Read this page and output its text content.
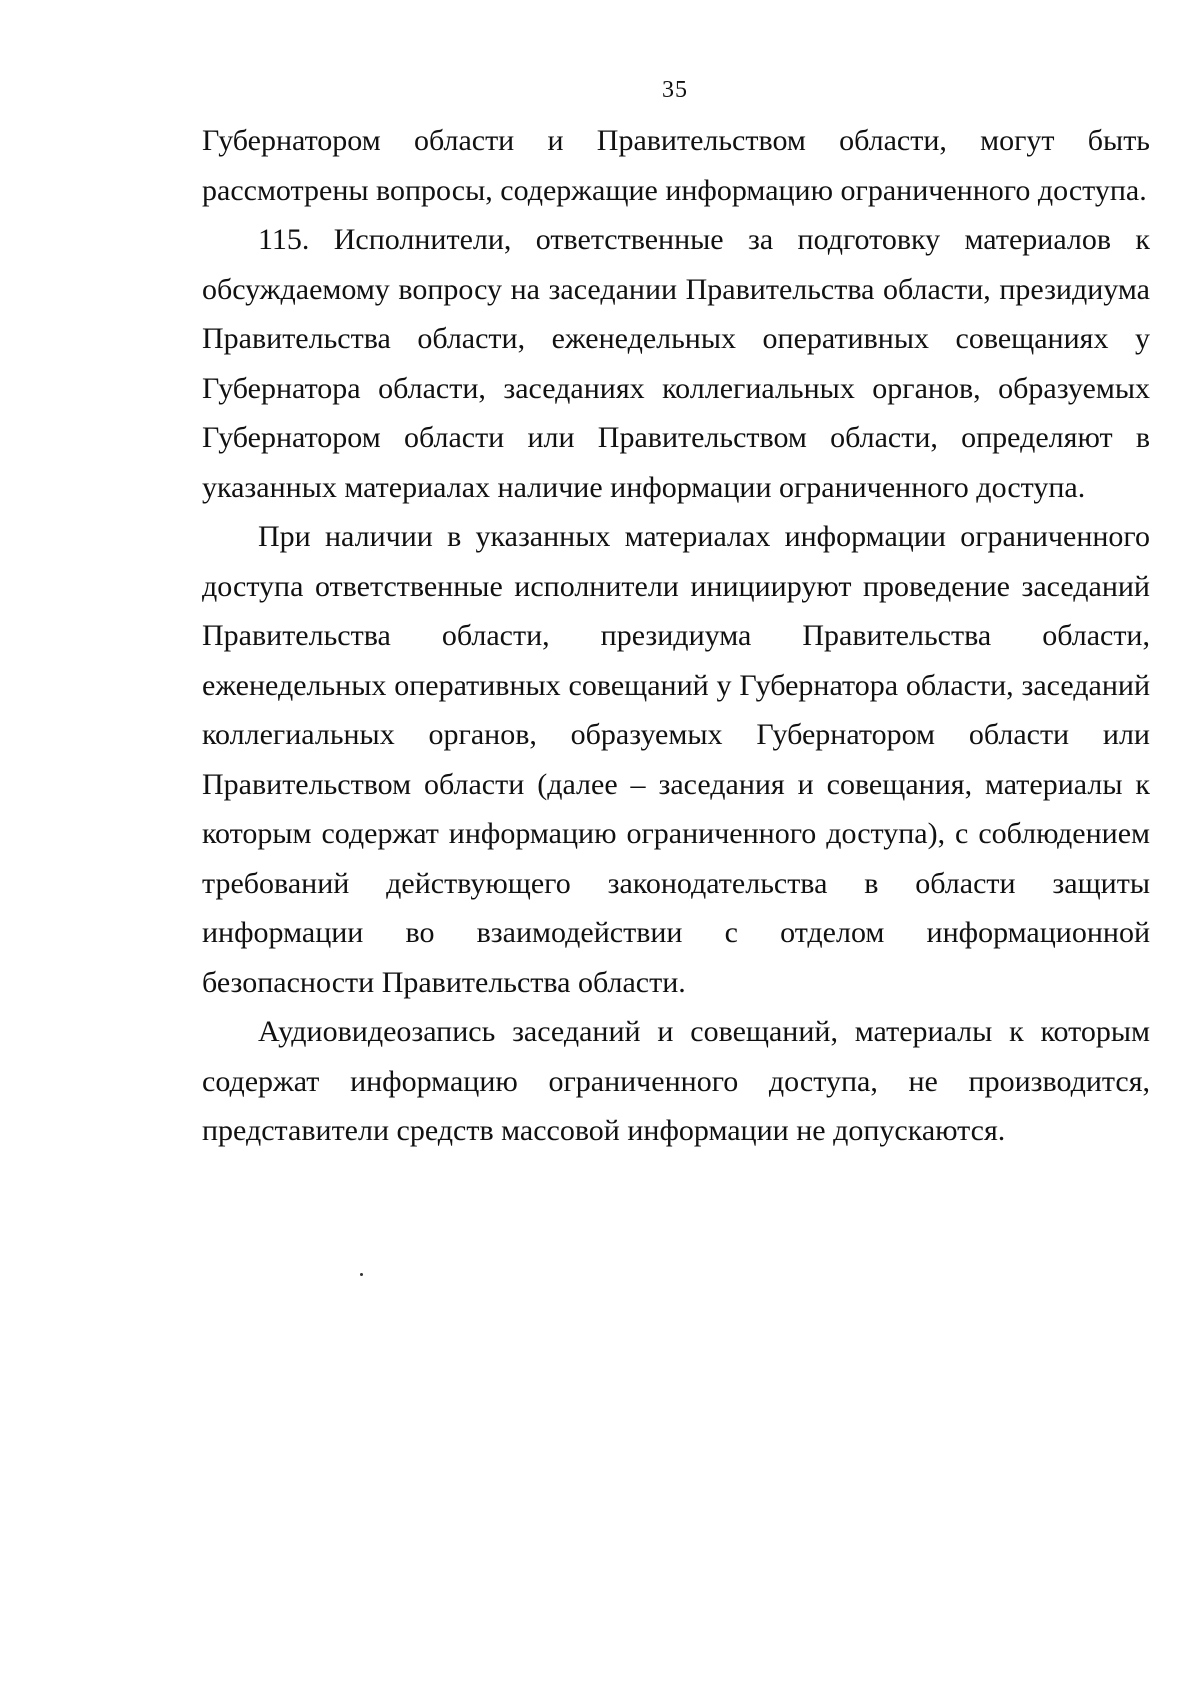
35

Губернатором области и Правительством области, могут быть рассмотрены вопросы, содержащие информацию ограниченного доступа.

115. Исполнители, ответственные за подготовку материалов к обсуждаемому вопросу на заседании Правительства области, президиума Правительства области, еженедельных оперативных совещаниях у Губернатора области, заседаниях коллегиальных органов, образуемых Губернатором области или Правительством области, определяют в указанных материалах наличие информации ограниченного доступа.

При наличии в указанных материалах информации ограниченного доступа ответственные исполнители инициируют проведение заседаний Правительства области, президиума Правительства области, еженедельных оперативных совещаний у Губернатора области, заседаний коллегиальных органов, образуемых Губернатором области или Правительством области (далее – заседания и совещания, материалы к которым содержат информацию ограниченного доступа), с соблюдением требований действующего законодательства в области защиты информации во взаимодействии с отделом информационной безопасности Правительства области.

Аудиовидеозапись заседаний и совещаний, материалы к которым содержат информацию ограниченного доступа, не производится, представители средств массовой информации не допускаются.
